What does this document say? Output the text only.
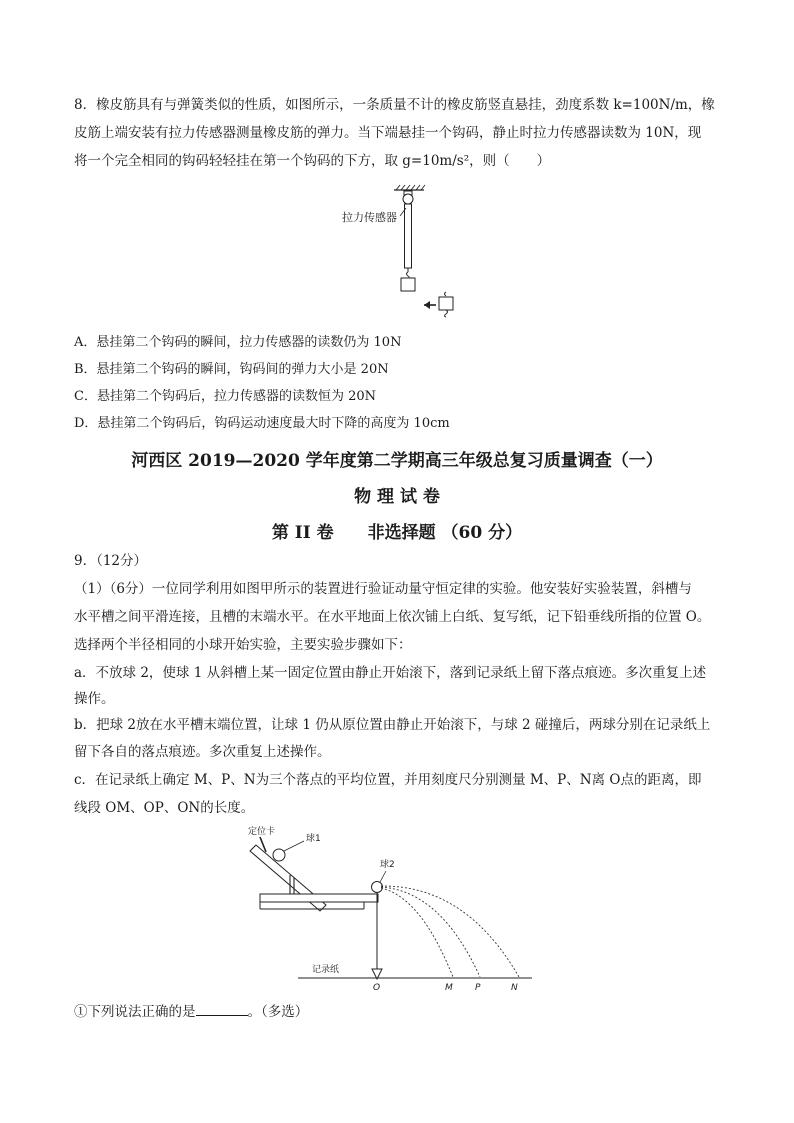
8．橡皮筋具有与弹簧类似的性质，如图所示，一条质量不计的橡皮筋竖直悬挂，劲度系数 k=100N/m，橡
皮筋上端安装有拉力传感器测量橡皮筋的弹力。当下端悬挂一个钩码，静止时拉力传感器读数为 10N，现
将一个完全相同的钩码轻轻挂在第一个钩码的下方，取 g=10m/s²，则（　　）
拉力传感器
A．悬挂第二个钩码的瞬间，拉力传感器的读数仍为 10N
B．悬挂第二个钩码的瞬间，钩码间的弹力大小是 20N
C．悬挂第二个钩码后，拉力传感器的读数恒为 20N
D．悬挂第二个钩码后，钩码运动速度最大时下降的高度为 10cm
河西区 2019—2020 学年度第二学期高三年级总复习质量调查（一）
物 理 试 卷
第 II 卷　　非选择题 （60 分）
9．（12分）
（1）（6分）一位同学利用如图甲所示的装置进行验证动量守恒定律的实验。他安装好实验装置，斜槽与
水平槽之间平滑连接，且槽的末端水平。在水平地面上依次铺上白纸、复写纸，记下铅垂线所指的位置 O。
选择两个半径相同的小球开始实验，主要实验步骤如下：
a．不放球 2，使球 1 从斜槽上某一固定位置由静止开始滚下，落到记录纸上留下落点痕迹。多次重复上述
操作。
b．把球 2放在水平槽末端位置，让球 1 仍从原位置由静止开始滚下，与球 2 碰撞后，两球分别在记录纸上
留下各自的落点痕迹。多次重复上述操作。
c．在记录纸上确定 M、P、N为三个落点的平均位置，并用刻度尺分别测量 M、P、N离 O点的距离，即
线段 OM、OP、ON的长度。
定位卡
球1
球2
记录纸
O	M P	N
①下列说法正确的是	。（多选）
